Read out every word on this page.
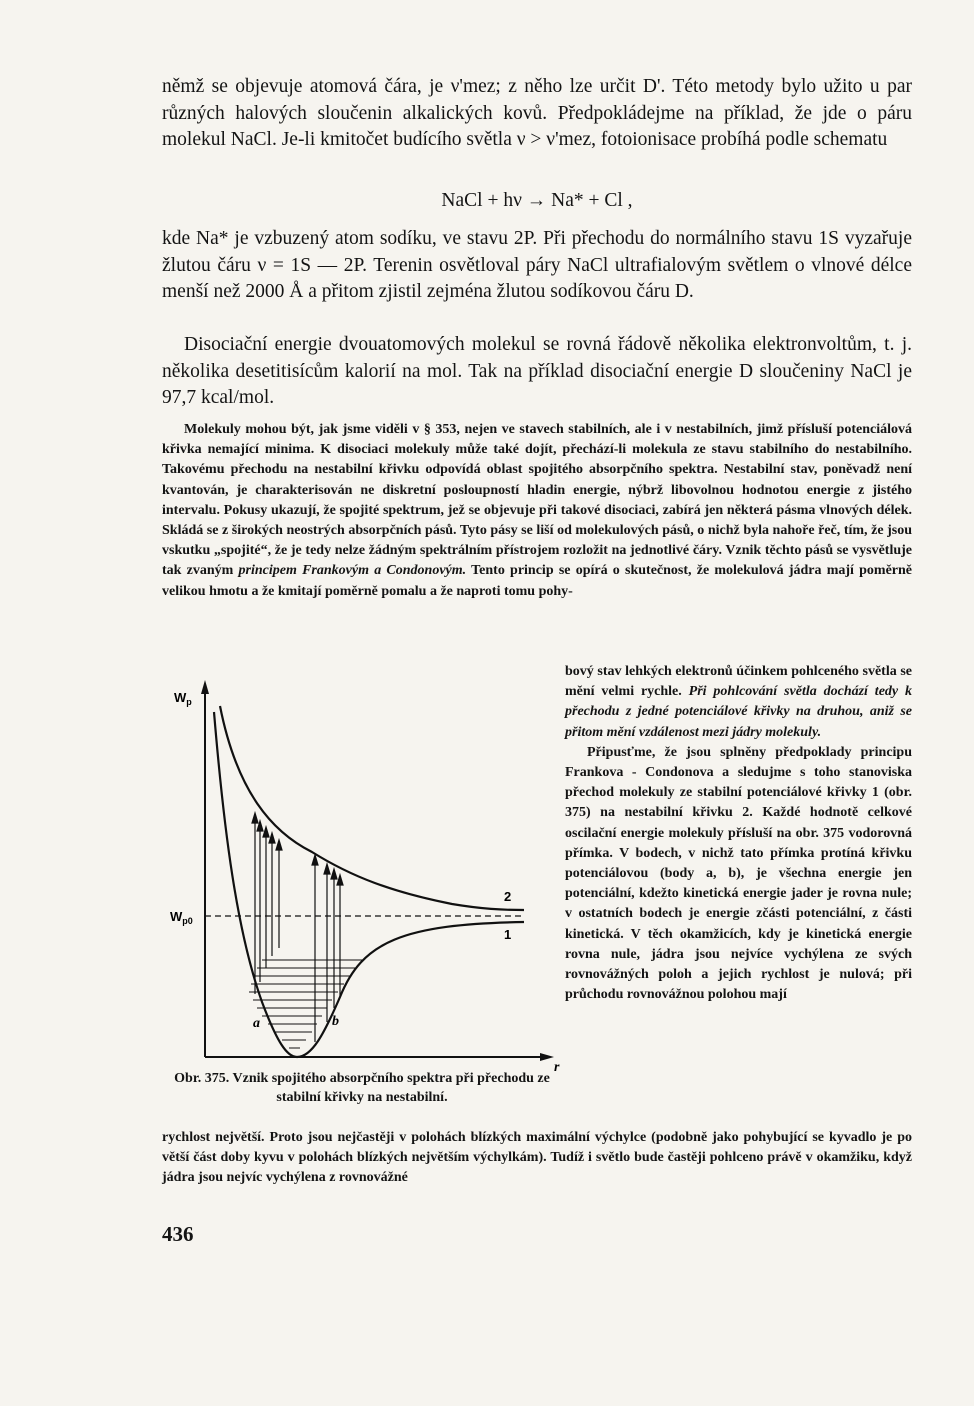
němž se objevuje atomová čára, je ν'mez; z něho lze určit D'. Této metody bylo užito u par různých halových sloučenin alkalických kovů. Předpokládejme na příklad, že jde o páru molekul NaCl. Je-li kmitočet budícího světla ν > ν'mez, fotoionisace probíhá podle schematu

NaCl + hν → Na* + Cl ,

kde Na* je vzbuzený atom sodíku, ve stavu 2P. Při přechodu do normálního stavu 1S vyzařuje žlutou čáru ν = 1S — 2P. Terenin osvětloval páry NaCl ultrafialovým světlem o vlnové délce menší než 2000 Å a přitom zjistil zejména žlutou sodíkovou čáru D.

Disociační energie dvouatomových molekul se rovná řádově několika elektronvoltům, t. j. několika desetitisícům kalorií na mol. Tak na příklad disociační energie D sloučeniny NaCl je 97,7 kcal/mol.

Molekuly mohou být, jak jsme viděli v § 353, nejen ve stavech stabilních, ale i v nestabilních, jimž přísluší potenciálová křivka nemající minima. K disociaci molekuly může také dojít, přechází-li molekula ze stavu stabilního do nestabilního. Takovému přechodu na nestabilní křivku odpovídá oblast spojitého absorpčního spektra. Nestabilní stav, poněvadž není kvantován, je charakterisován ne diskretní posloupností hladin energie, nýbrž libovolnou hodnotou energie z jistého intervalu. Pokusy ukazují, že spojité spektrum, jež se objevuje při takové disociaci, zabírá jen některá pásma vlnových délek. Skládá se z širokých neostrých absorpčních pásů. Tyto pásy se liší od molekulových pásů, o nichž byla nahoře řeč, tím, že jsou vskutku „spojité“, že je tedy nelze žádným spektrálním přístrojem rozložit na jednotlivé čáry. Vznik těchto pásů se vysvětluje tak zvaným principem Frankovým a Condonovým. Tento princip se opírá o skutečnost, že molekulová jádra mají poměrně velikou hmotu a že kmitají poměrně pomalu a že naproti tomu pohy-

bový stav lehkých elektronů účinkem pohlceného světla se mění velmi rychle. Při pohlcování světla dochází tedy k přechodu z jedné potenciálové křivky na druhou, aniž se přitom mění vzdálenost mezi jádry molekuly.

Připusťme, že jsou splněny předpoklady principu Frankova - Condonova a sledujme s toho stanoviska přechod molekuly ze stabilní potenciálové křivky 1 (obr. 375) na nestabilní křivku 2. Každé hodnotě celkové oscilační energie molekuly přísluší na obr. 375 vodorovná přímka. V bodech, v nichž tato přímka protíná křivku potenciálovou (body a, b), je všechna energie jen potenciální, kdežto kinetická energie jader je rovna nule; v ostatních bodech je energie zčásti potenciální, z části kinetická. V těch okamžicích, kdy je kinetická energie rovna nule, jádra jsou nejvíce vychýlena ze svých rovnovážných poloh a jejich rychlost je nulová; při průchodu rovnovážnou polohou mají

rychlost největší. Proto jsou nejčastěji v polohách blízkých maximální výchylce (podobně jako pohybující se kyvadlo je po větší část doby kyvu v polohách blízkých největším výchylkám). Tudíž i světlo bude častěji pohlceno právě v okamžiku, když jádra jsou nejvíc vychýlena z rovnovážné

$W_p$
$W_{p0}$
r
2
1
a	b
Obr. 375. Vznik spojitého absorpčního spektra při přechodu ze stabilní křivky na nestabilní.
436
